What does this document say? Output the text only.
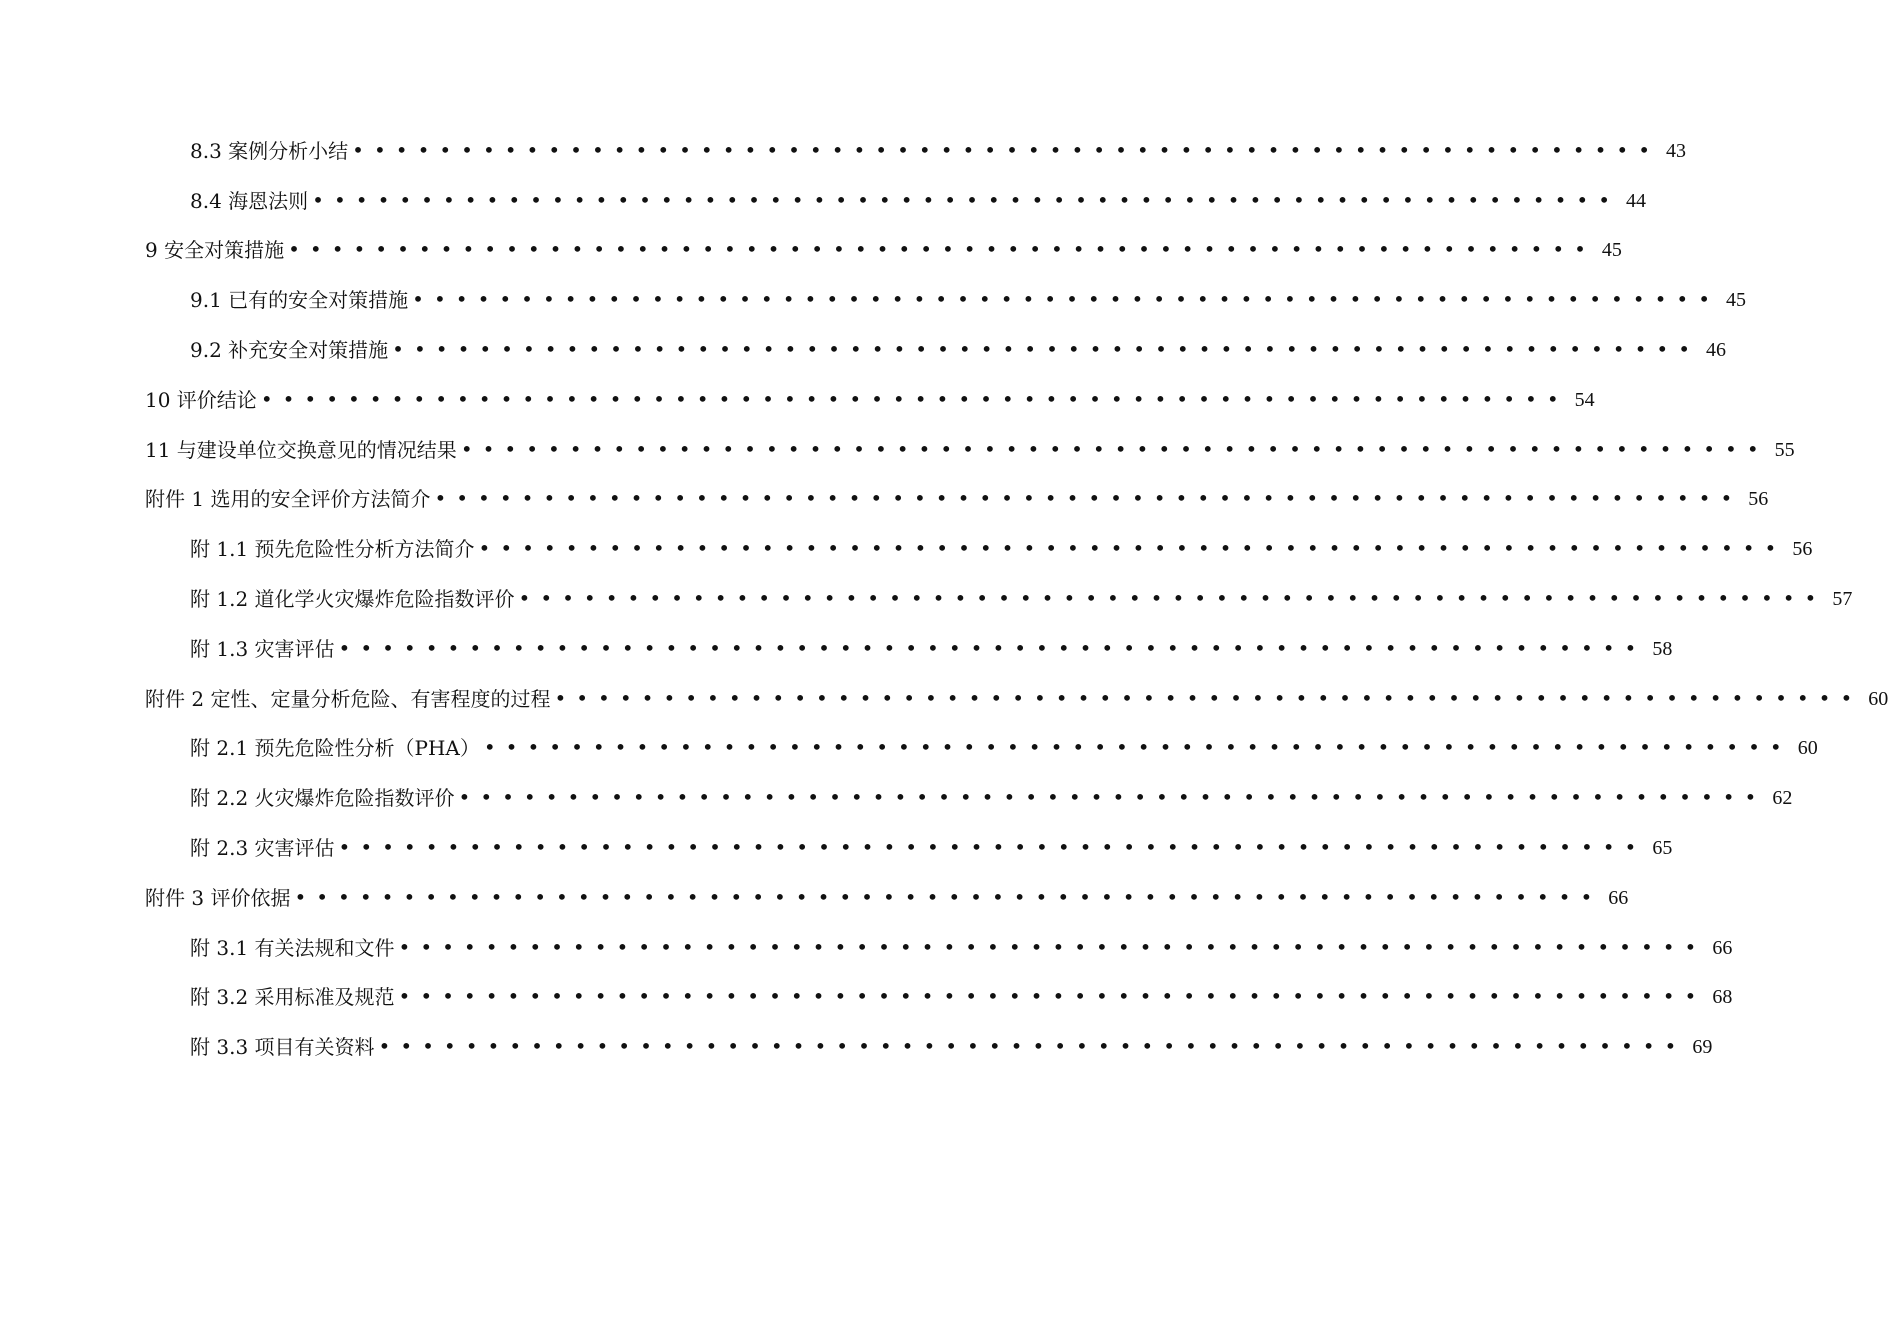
8.3 案例分析小结 • • • • • • • • • • • • • • • • • • • • • • • • • • • • • • • • • • • • • • • • • • • • • • • • • • • • • • • • • • • •  43
8.4 海恩法则 • • • • • • • • • • • • • • • • • • • • • • • • • • • • • • • • • • • • • • • • • • • • • • • • • • • • • • • • • • • •  44
9 安全对策措施 • • • • • • • • • • • • • • • • • • • • • • • • • • • • • • • • • • • • • • • • • • • • • • • • • • • • • • • • • • • •  45
9.1 已有的安全对策措施 • • • • • • • • • • • • • • • • • • • • • • • • • • • • • • • • • • • • • • • • • • • • • • • • • • • • • • • • • • • •  45
9.2 补充安全对策措施 • • • • • • • • • • • • • • • • • • • • • • • • • • • • • • • • • • • • • • • • • • • • • • • • • • • • • • • • • • • •  46
10 评价结论 • • • • • • • • • • • • • • • • • • • • • • • • • • • • • • • • • • • • • • • • • • • • • • • • • • • • • • • • • • • •  54
11 与建设单位交换意见的情况结果 • • • • • • • • • • • • • • • • • • • • • • • • • • • • • • • • • • • • • • • • • • • • • • • • • • • • • • • • • • • •  55
附件 1 选用的安全评价方法简介 • • • • • • • • • • • • • • • • • • • • • • • • • • • • • • • • • • • • • • • • • • • • • • • • • • • • • • • • • • • •  56
附 1.1 预先危险性分析方法简介 • • • • • • • • • • • • • • • • • • • • • • • • • • • • • • • • • • • • • • • • • • • • • • • • • • • • • • • • • • • •  56
附 1.2 道化学火灾爆炸危险指数评价 • • • • • • • • • • • • • • • • • • • • • • • • • • • • • • • • • • • • • • • • • • • • • • • • • • • • • • • • • • • •  57
附 1.3 灾害评估 • • • • • • • • • • • • • • • • • • • • • • • • • • • • • • • • • • • • • • • • • • • • • • • • • • • • • • • • • • • •  58
附件 2 定性、定量分析危险、有害程度的过程 • • • • • • • • • • • • • • • • • • • • • • • • • • • • • • • • • • • • • • • • • • • • • • • • • • • • • • • • • • • •  60
附 2.1 预先危险性分析（PHA） • • • • • • • • • • • • • • • • • • • • • • • • • • • • • • • • • • • • • • • • • • • • • • • • • • • • • • • • • • • •  60
附 2.2 火灾爆炸危险指数评价 • • • • • • • • • • • • • • • • • • • • • • • • • • • • • • • • • • • • • • • • • • • • • • • • • • • • • • • • • • • •  62
附 2.3 灾害评估 • • • • • • • • • • • • • • • • • • • • • • • • • • • • • • • • • • • • • • • • • • • • • • • • • • • • • • • • • • • •  65
附件 3 评价依据 • • • • • • • • • • • • • • • • • • • • • • • • • • • • • • • • • • • • • • • • • • • • • • • • • • • • • • • • • • • •  66
附 3.1 有关法规和文件 • • • • • • • • • • • • • • • • • • • • • • • • • • • • • • • • • • • • • • • • • • • • • • • • • • • • • • • • • • • •  66
附 3.2 采用标准及规范 • • • • • • • • • • • • • • • • • • • • • • • • • • • • • • • • • • • • • • • • • • • • • • • • • • • • • • • • • • • •  68
附 3.3 项目有关资料 • • • • • • • • • • • • • • • • • • • • • • • • • • • • • • • • • • • • • • • • • • • • • • • • • • • • • • • • • • • •  69
